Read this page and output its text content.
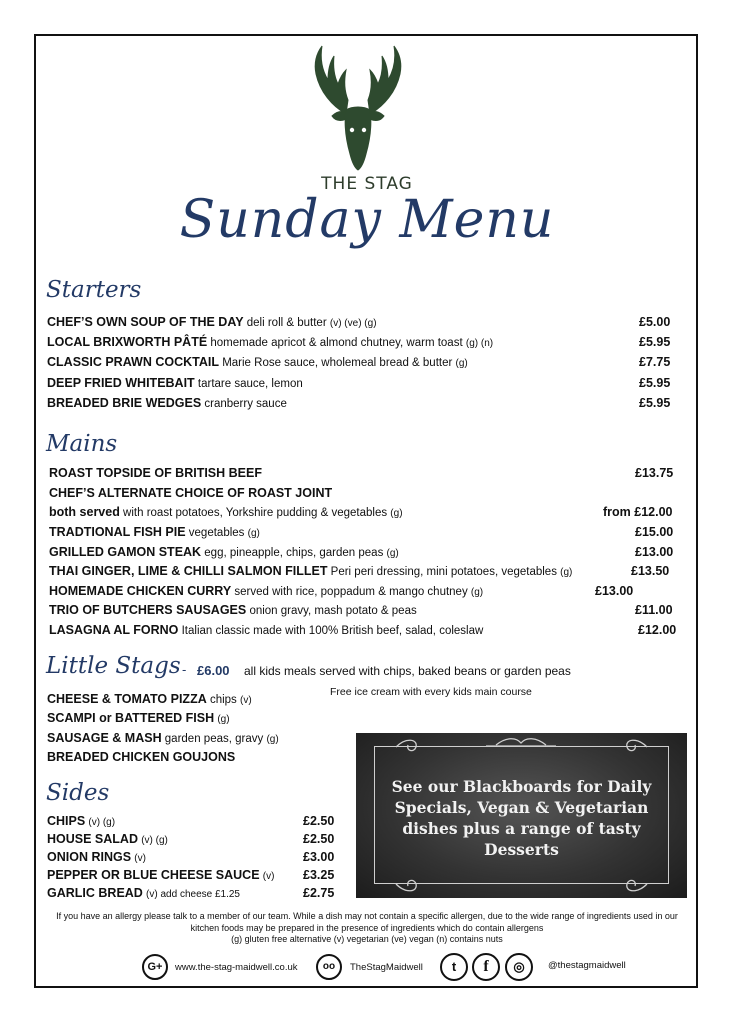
THE STAG
Sunday Menu
Starters
CHEF’S OWN SOUP OF THE DAY deli roll & butter (v) (ve) (g)	£5.00
LOCAL BRIXWORTH PÂTÉ homemade apricot & almond chutney, warm toast (g) (n)	£5.95
CLASSIC PRAWN COCKTAIL Marie Rose sauce, wholemeal bread & butter (g)	£7.75
DEEP FRIED WHITEBAIT tartare sauce, lemon	£5.95
BREADED BRIE WEDGES cranberry sauce	£5.95
Mains
ROAST TOPSIDE OF BRITISH BEEF	£13.75
CHEF’S ALTERNATE CHOICE OF ROAST JOINT
both served with roast potatoes, Yorkshire pudding & vegetables (g)	from £12.00
TRADTIONAL FISH PIE vegetables (g)	£15.00
GRILLED GAMON STEAK egg, pineapple, chips, garden peas (g)	£13.00
THAI GINGER, LIME & CHILLI SALMON FILLET Peri peri dressing, mini potatoes, vegetables (g)	£13.50
HOMEMADE CHICKEN CURRY served with rice, poppadum & mango chutney (g)	£13.00
TRIO OF BUTCHERS SAUSAGES onion gravy, mash potato & peas	£11.00
LASAGNA AL FORNO Italian classic made with 100% British beef, salad, coleslaw	£12.00
Little Stags - £6.00 all kids meals served with chips, baked beans or garden peas
Free ice cream with every kids main course
CHEESE & TOMATO PIZZA chips (v)
SCAMPI or BATTERED FISH (g)
SAUSAGE & MASH garden peas, gravy (g)
BREADED CHICKEN GOUJONS
Sides
CHIPS (v) (g)	£2.50
HOUSE SALAD (v) (g)	£2.50
ONION RINGS (v)	£3.00
PEPPER OR BLUE CHEESE SAUCE (v) £3.25
GARLIC BREAD (v) add cheese £1.25	£2.75
See our Blackboards for Daily
Specials, Vegan & Vegetarian
dishes plus a range of tasty
Desserts
If you have an allergy please talk to a member of our team. While a dish may not contain a specific allergen, due to the wide range of ingredients used in our
kitchen foods may be prepared in the presence of ingredients which do contain allergens
(g) gluten free alternative (v) vegetarian (ve) vegan (n) contains nuts
G+	www.the-stag-maidwell.co.uk	oo	TheStagMaidwell	t	f	◎	@thestagmaidwell
